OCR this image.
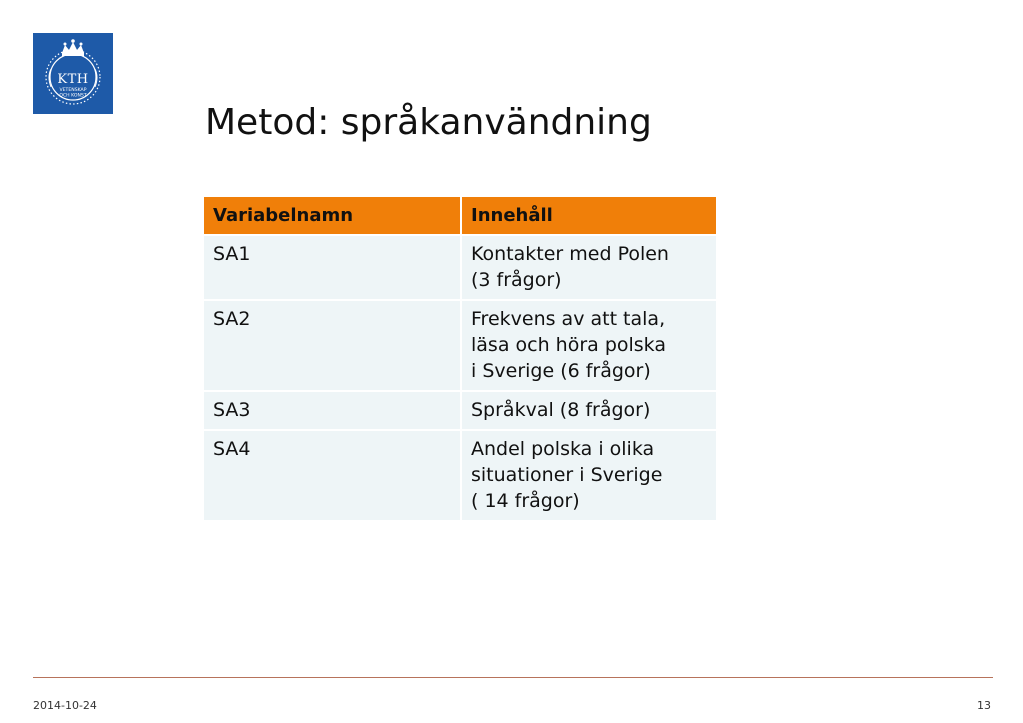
KTH
VETENSKAP
OCH KONST
Metod: språkanvändning
Variabelnamn	Innehåll
SA1	Kontakter med Polen
(3 frågor)
SA2	Frekvens av att tala,
läsa och höra polska
i Sverige (6 frågor)
SA3	Språkval (8 frågor)
SA4	Andel polska i olika
situationer i Sverige
( 14 frågor)
2014-10-24	13
